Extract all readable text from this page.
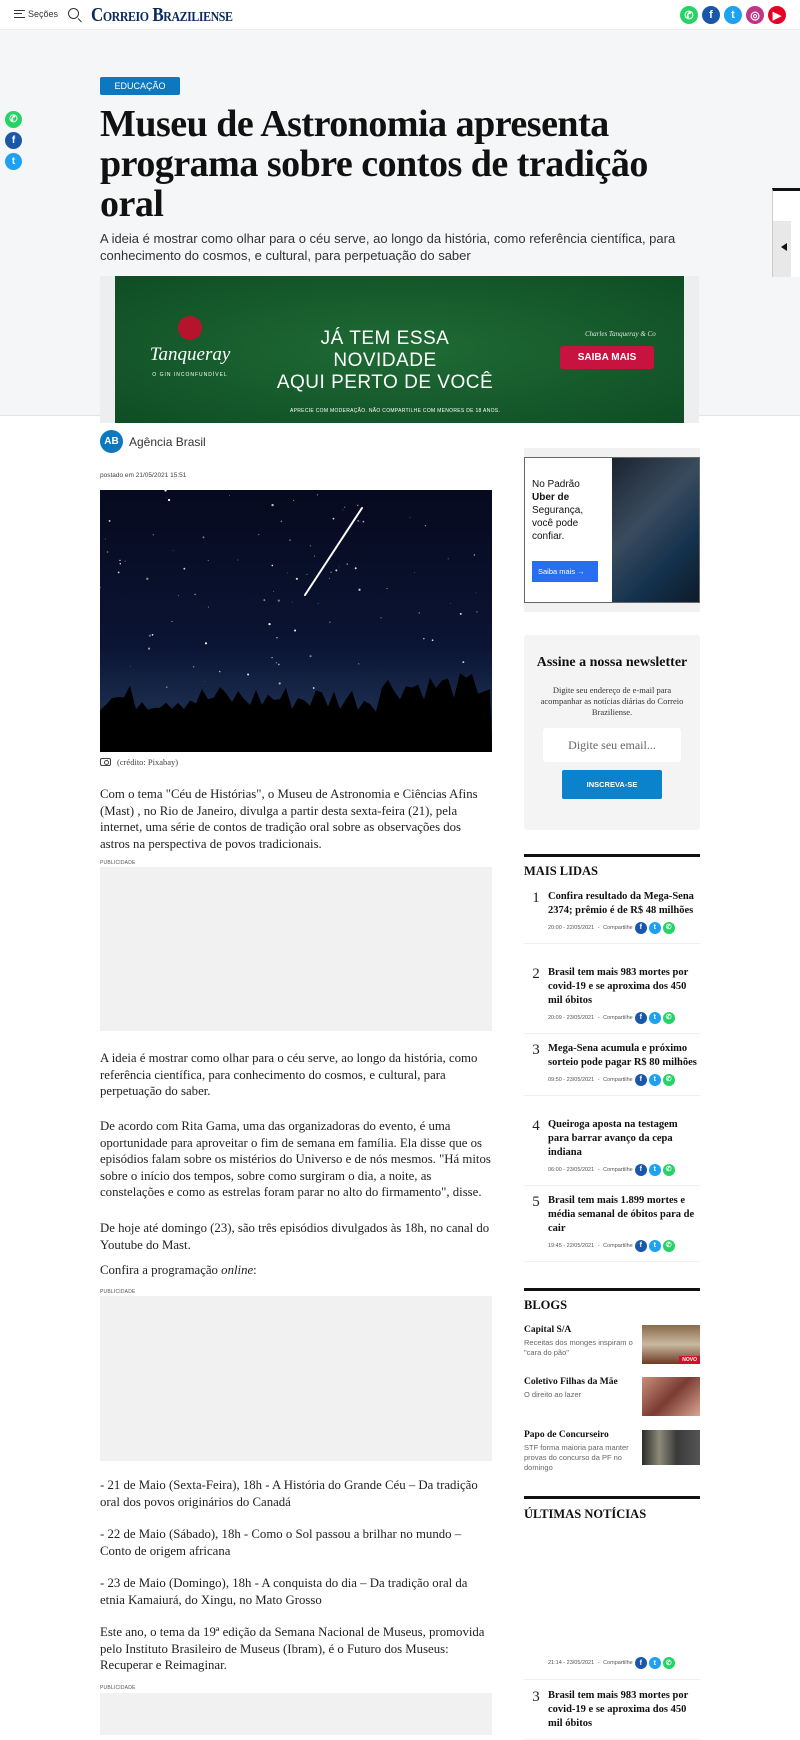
Seções Correio Braziliense	✆	f	t	◎	▶
EDUCAÇÃO
Museu de Astronomia apresenta programa sobre contos de tradição oral

A ideia é mostrar como olhar para o céu serve, ao longo da história, como referência científica, para conhecimento do cosmos, e cultural, para perpetuação do saber

Tanqueray
O GIN INCONFUNDÍVEL
JÁ TEM ESSA NOVIDADE
AQUI PERTO DE VOCÊ
Charles Tanqueray & Co
SAIBA MAIS
APRECIE COM MODERAÇÃO. NÃO COMPARTILHE COM MENORES DE 18 ANOS.
✆
f
t
AB Agência Brasil
postado em 21/05/2021 15:51
(crédito: Pixabay)

Com o tema "Céu de Histórias", o Museu de Astronomia e Ciências Afins (Mast) , no Rio de Janeiro, divulga a partir desta sexta-feira (21), pela internet, uma série de contos de tradição oral sobre as observações dos astros na perspectiva de povos tradicionais.

PUBLICIDADE

A ideia é mostrar como olhar para o céu serve, ao longo da história, como referência científica, para conhecimento do cosmos, e cultural, para perpetuação do saber.

De acordo com Rita Gama, uma das organizadoras do evento, é uma oportunidade para aproveitar o fim de semana em família. Ela disse que os episódios falam sobre os mistérios do Universo e de nós mesmos. "Há mitos sobre o início dos tempos, sobre como surgiram o dia, a noite, as constelações e como as estrelas foram parar no alto do firmamento", disse.

De hoje até domingo (23), são três episódios divulgados às 18h, no canal do Youtube do Mast.

Confira a programação online:

PUBLICIDADE

- 21 de Maio (Sexta-Feira), 18h - A História do Grande Céu – Da tradição oral dos povos originários do Canadá

- 22 de Maio (Sábado), 18h - Como o Sol passou a brilhar no mundo – Conto de origem africana

- 23 de Maio (Domingo), 18h - A conquista do dia – Da tradição oral da etnia Kamaiurá, do Xingu, no Mato Grosso

Este ano, o tema da 19ª edição da Semana Nacional de Museus, promovida pelo Instituto Brasileiro de Museus (Ibram), é o Futuro dos Museus: Recuperar e Reimaginar.

PUBLICIDADE
No Padrão
Uber de
Segurança,
você pode
confiar.
Saiba mais →
Assine a nossa newsletter

Digite seu endereço de e-mail para acompanhar as notícias diárias do Correio Braziliense.

Digite seu email...
INSCREVA-SE
MAIS LIDAS
1 Confira resultado da Mega-Sena 2374; prêmio é de R$ 48 milhões
20:00 - 22/05/2021 - Compartilhe f	t	✆
2 Brasil tem mais 983 mortes por covid-19 e se aproxima dos 450 mil óbitos
20:09 - 23/05/2021 - Compartilhe f	t	✆
3 Mega-Sena acumula e próximo sorteio pode pagar R$ 80 milhões
09:50 - 23/05/2021 - Compartilhe f	t	✆
4 Queiroga aposta na testagem para barrar avanço da cepa indiana
06:00 - 23/05/2021 - Compartilhe f	t	✆
5 Brasil tem mais 1.899 mortes e média semanal de óbitos para de cair
19:45 - 22/05/2021 - Compartilhe f	t	✆
BLOGS
Capital S/A
Receitas dos monges inspiram o "cara do pão"
NOVO
Coletivo Filhas da Mãe
O direito ao lazer
Papo de Concurseiro
STF forma maioria para manter provas do concurso da PF no domingo
ÚLTIMAS NOTÍCIAS
21:14 - 23/05/2021 - Compartilhe f	t	✆
3 Brasil tem mais 983 mortes por covid-19 e se aproxima dos 450 mil óbitos
